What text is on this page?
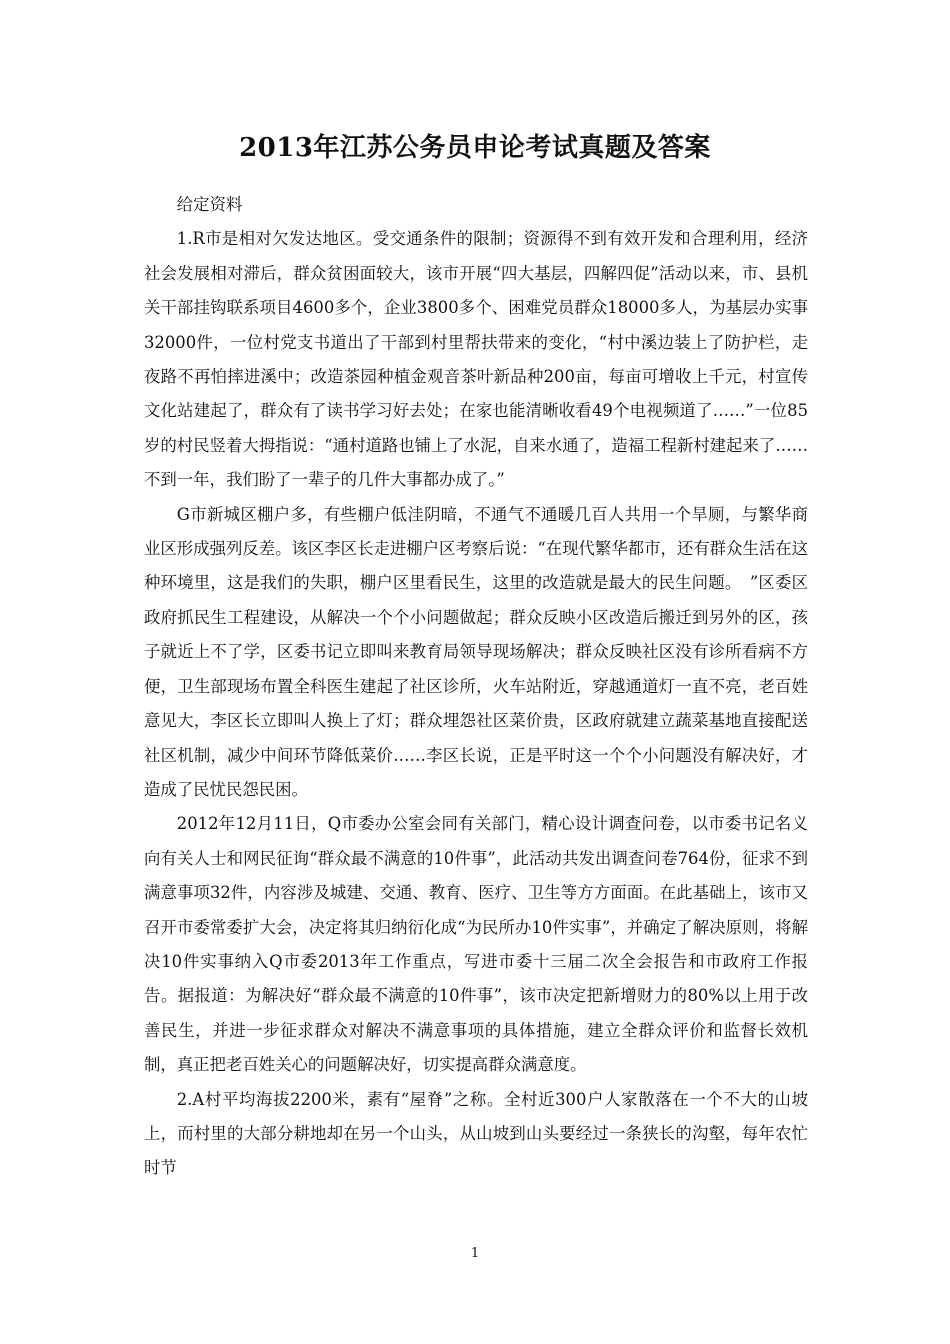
2013年江苏公务员申论考试真题及答案

给定资料

1.R市是相对欠发达地区。受交通条件的限制；资源得不到有效开发和合理利用，经济社会发展相对滞后，群众贫困面较大，该市开展“四大基层，四解四促”活动以来，市、县机关干部挂钩联系项目4600多个，企业3800多个、困难党员群众18000多人，为基层办实事32000件，一位村党支书道出了干部到村里帮扶带来的变化，“村中溪边装上了防护栏，走夜路不再怕摔进溪中；改造茶园种植金观音茶叶新品种200亩，每亩可增收上千元，村宣传文化站建起了，群众有了读书学习好去处；在家也能清晰收看49个电视频道了……”一位85岁的村民竖着大拇指说：“通村道路也铺上了水泥，自来水通了，造福工程新村建起来了……不到一年，我们盼了一辈子的几件大事都办成了。”

G市新城区棚户多，有些棚户低洼阴暗，不通气不通暖几百人共用一个旱厕，与繁华商业区形成强列反差。该区李区长走进棚户区考察后说：“在现代繁华都市，还有群众生活在这种环境里，这是我们的失职，棚户区里看民生，这里的改造就是最大的民生问题。　”区委区政府抓民生工程建设，从解决一个个小问题做起；群众反映小区改造后搬迁到另外的区，孩子就近上不了学，区委书记立即叫来教育局领导现场解决；群众反映社区没有诊所看病不方便，卫生部现场布置全科医生建起了社区诊所，火车站附近，穿越通道灯一直不亮，老百姓意见大，李区长立即叫人换上了灯；群众埋怨社区菜价贵，区政府就建立蔬菜基地直接配送社区机制，减少中间环节降低菜价……李区长说，正是平时这一个个小问题没有解决好，才造成了民忧民怨民困。

2012年12月11日，Q市委办公室会同有关部门，精心设计调查问卷，以市委书记名义向有关人士和网民征询“群众最不满意的10件事”，此活动共发出调查问卷764份，征求不到满意事项32件，内容涉及城建、交通、教育、医疗、卫生等方方面面。在此基础上，该市又召开市委常委扩大会，决定将其归纳衍化成“为民所办10件实事”，并确定了解决原则，将解决10件实事纳入Q市委2013年工作重点，写进市委十三届二次全会报告和市政府工作报告。据报道：为解决好“群众最不满意的10件事”，该市决定把新增财力的80%以上用于改善民生，并进一步征求群众对解决不满意事项的具体措施，建立全群众评价和监督长效机制，真正把老百姓关心的问题解决好，切实提高群众满意度。

2.A村平均海拔2200米，素有“屋脊”之称。全村近300户人家散落在一个不大的山坡上，而村里的大部分耕地却在另一个山头，从山坡到山头要经过一条狭长的沟壑，每年农忙时节

1
